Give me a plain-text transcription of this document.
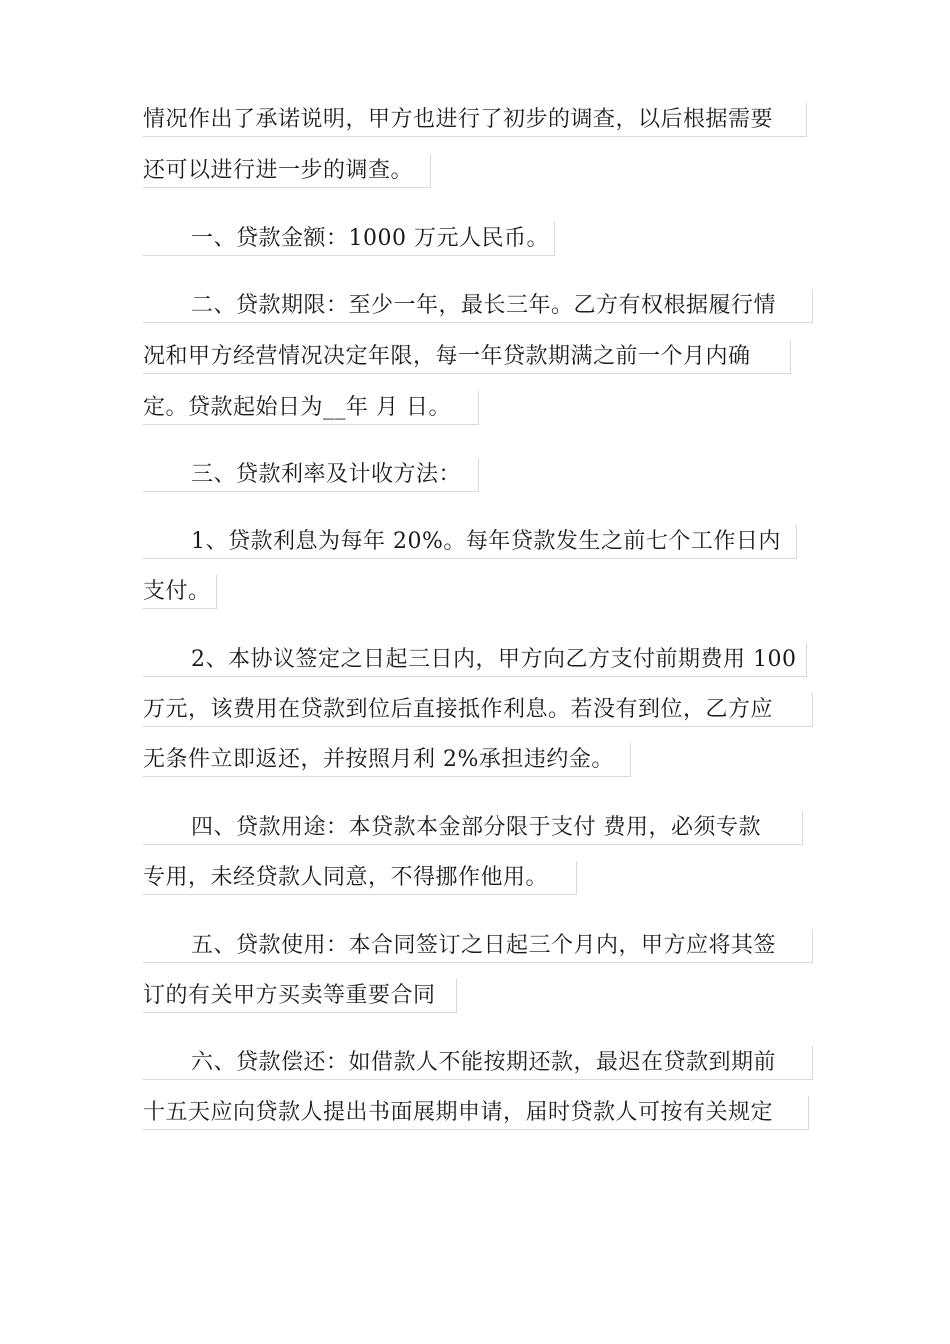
情况作出了承诺说明，甲方也进行了初步的调查，以后根据需要
还可以进行进一步的调查。
一、贷款金额：1000 万元人民币。
二、贷款期限：至少一年，最长三年。乙方有权根据履行情
况和甲方经营情况决定年限，每一年贷款期满之前一个月内确
定。贷款起始日为__年 月 日。
三、贷款利率及计收方法：
1、贷款利息为每年 20%。每年贷款发生之前七个工作日内
支付。
2、本协议签定之日起三日内，甲方向乙方支付前期费用 100
万元，该费用在贷款到位后直接抵作利息。若没有到位，乙方应
无条件立即返还，并按照月利 2%承担违约金。
四、贷款用途：本贷款本金部分限于支付 费用，必须专款
专用，未经贷款人同意，不得挪作他用。
五、贷款使用：本合同签订之日起三个月内，甲方应将其签
订的有关甲方买卖等重要合同
六、贷款偿还：如借款人不能按期还款，最迟在贷款到期前
十五天应向贷款人提出书面展期申请，届时贷款人可按有关规定
